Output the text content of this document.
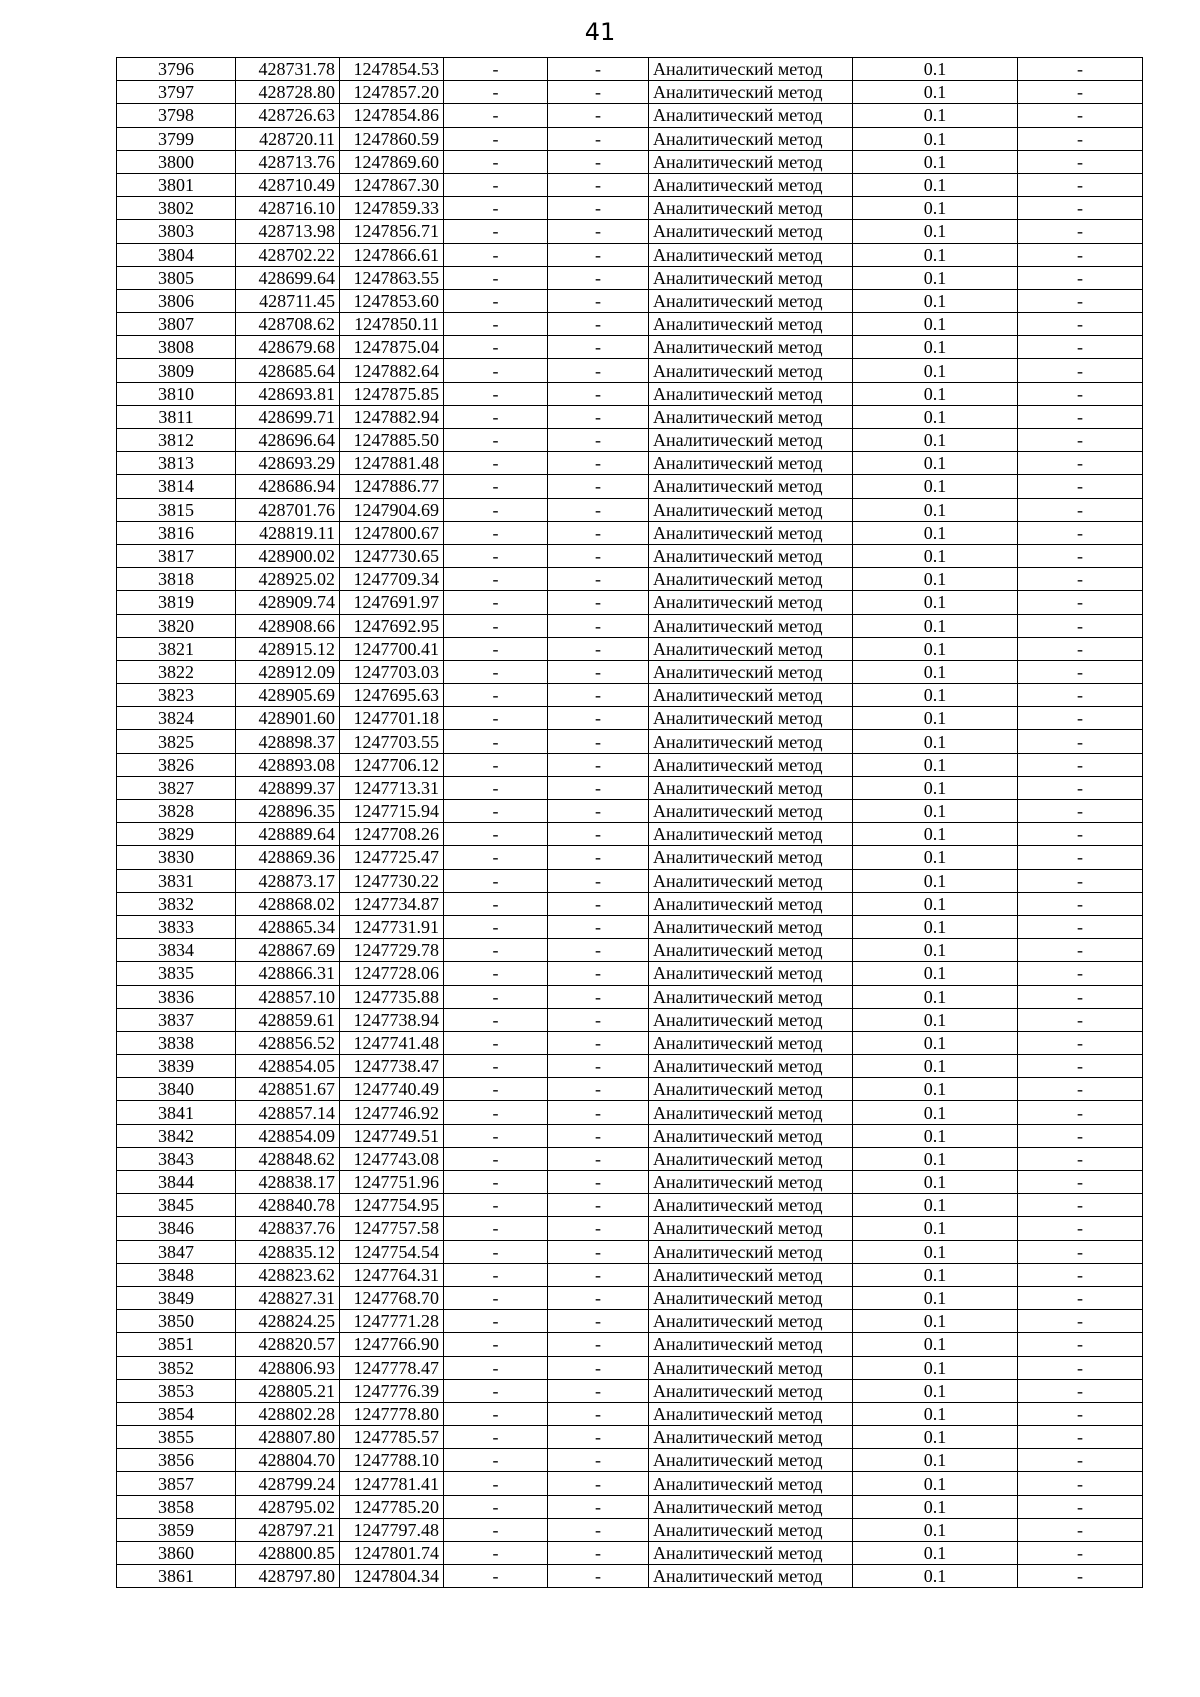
41
3796	428731.78	1247854.53	-	-	Аналитический метод	0.1	-
3797	428728.80	1247857.20	-	-	Аналитический метод	0.1	-
3798	428726.63	1247854.86	-	-	Аналитический метод	0.1	-
3799	428720.11	1247860.59	-	-	Аналитический метод	0.1	-
3800	428713.76	1247869.60	-	-	Аналитический метод	0.1	-
3801	428710.49	1247867.30	-	-	Аналитический метод	0.1	-
3802	428716.10	1247859.33	-	-	Аналитический метод	0.1	-
3803	428713.98	1247856.71	-	-	Аналитический метод	0.1	-
3804	428702.22	1247866.61	-	-	Аналитический метод	0.1	-
3805	428699.64	1247863.55	-	-	Аналитический метод	0.1	-
3806	428711.45	1247853.60	-	-	Аналитический метод	0.1	-
3807	428708.62	1247850.11	-	-	Аналитический метод	0.1	-
3808	428679.68	1247875.04	-	-	Аналитический метод	0.1	-
3809	428685.64	1247882.64	-	-	Аналитический метод	0.1	-
3810	428693.81	1247875.85	-	-	Аналитический метод	0.1	-
3811	428699.71	1247882.94	-	-	Аналитический метод	0.1	-
3812	428696.64	1247885.50	-	-	Аналитический метод	0.1	-
3813	428693.29	1247881.48	-	-	Аналитический метод	0.1	-
3814	428686.94	1247886.77	-	-	Аналитический метод	0.1	-
3815	428701.76	1247904.69	-	-	Аналитический метод	0.1	-
3816	428819.11	1247800.67	-	-	Аналитический метод	0.1	-
3817	428900.02	1247730.65	-	-	Аналитический метод	0.1	-
3818	428925.02	1247709.34	-	-	Аналитический метод	0.1	-
3819	428909.74	1247691.97	-	-	Аналитический метод	0.1	-
3820	428908.66	1247692.95	-	-	Аналитический метод	0.1	-
3821	428915.12	1247700.41	-	-	Аналитический метод	0.1	-
3822	428912.09	1247703.03	-	-	Аналитический метод	0.1	-
3823	428905.69	1247695.63	-	-	Аналитический метод	0.1	-
3824	428901.60	1247701.18	-	-	Аналитический метод	0.1	-
3825	428898.37	1247703.55	-	-	Аналитический метод	0.1	-
3826	428893.08	1247706.12	-	-	Аналитический метод	0.1	-
3827	428899.37	1247713.31	-	-	Аналитический метод	0.1	-
3828	428896.35	1247715.94	-	-	Аналитический метод	0.1	-
3829	428889.64	1247708.26	-	-	Аналитический метод	0.1	-
3830	428869.36	1247725.47	-	-	Аналитический метод	0.1	-
3831	428873.17	1247730.22	-	-	Аналитический метод	0.1	-
3832	428868.02	1247734.87	-	-	Аналитический метод	0.1	-
3833	428865.34	1247731.91	-	-	Аналитический метод	0.1	-
3834	428867.69	1247729.78	-	-	Аналитический метод	0.1	-
3835	428866.31	1247728.06	-	-	Аналитический метод	0.1	-
3836	428857.10	1247735.88	-	-	Аналитический метод	0.1	-
3837	428859.61	1247738.94	-	-	Аналитический метод	0.1	-
3838	428856.52	1247741.48	-	-	Аналитический метод	0.1	-
3839	428854.05	1247738.47	-	-	Аналитический метод	0.1	-
3840	428851.67	1247740.49	-	-	Аналитический метод	0.1	-
3841	428857.14	1247746.92	-	-	Аналитический метод	0.1	-
3842	428854.09	1247749.51	-	-	Аналитический метод	0.1	-
3843	428848.62	1247743.08	-	-	Аналитический метод	0.1	-
3844	428838.17	1247751.96	-	-	Аналитический метод	0.1	-
3845	428840.78	1247754.95	-	-	Аналитический метод	0.1	-
3846	428837.76	1247757.58	-	-	Аналитический метод	0.1	-
3847	428835.12	1247754.54	-	-	Аналитический метод	0.1	-
3848	428823.62	1247764.31	-	-	Аналитический метод	0.1	-
3849	428827.31	1247768.70	-	-	Аналитический метод	0.1	-
3850	428824.25	1247771.28	-	-	Аналитический метод	0.1	-
3851	428820.57	1247766.90	-	-	Аналитический метод	0.1	-
3852	428806.93	1247778.47	-	-	Аналитический метод	0.1	-
3853	428805.21	1247776.39	-	-	Аналитический метод	0.1	-
3854	428802.28	1247778.80	-	-	Аналитический метод	0.1	-
3855	428807.80	1247785.57	-	-	Аналитический метод	0.1	-
3856	428804.70	1247788.10	-	-	Аналитический метод	0.1	-
3857	428799.24	1247781.41	-	-	Аналитический метод	0.1	-
3858	428795.02	1247785.20	-	-	Аналитический метод	0.1	-
3859	428797.21	1247797.48	-	-	Аналитический метод	0.1	-
3860	428800.85	1247801.74	-	-	Аналитический метод	0.1	-
3861	428797.80	1247804.34	-	-	Аналитический метод	0.1	-
